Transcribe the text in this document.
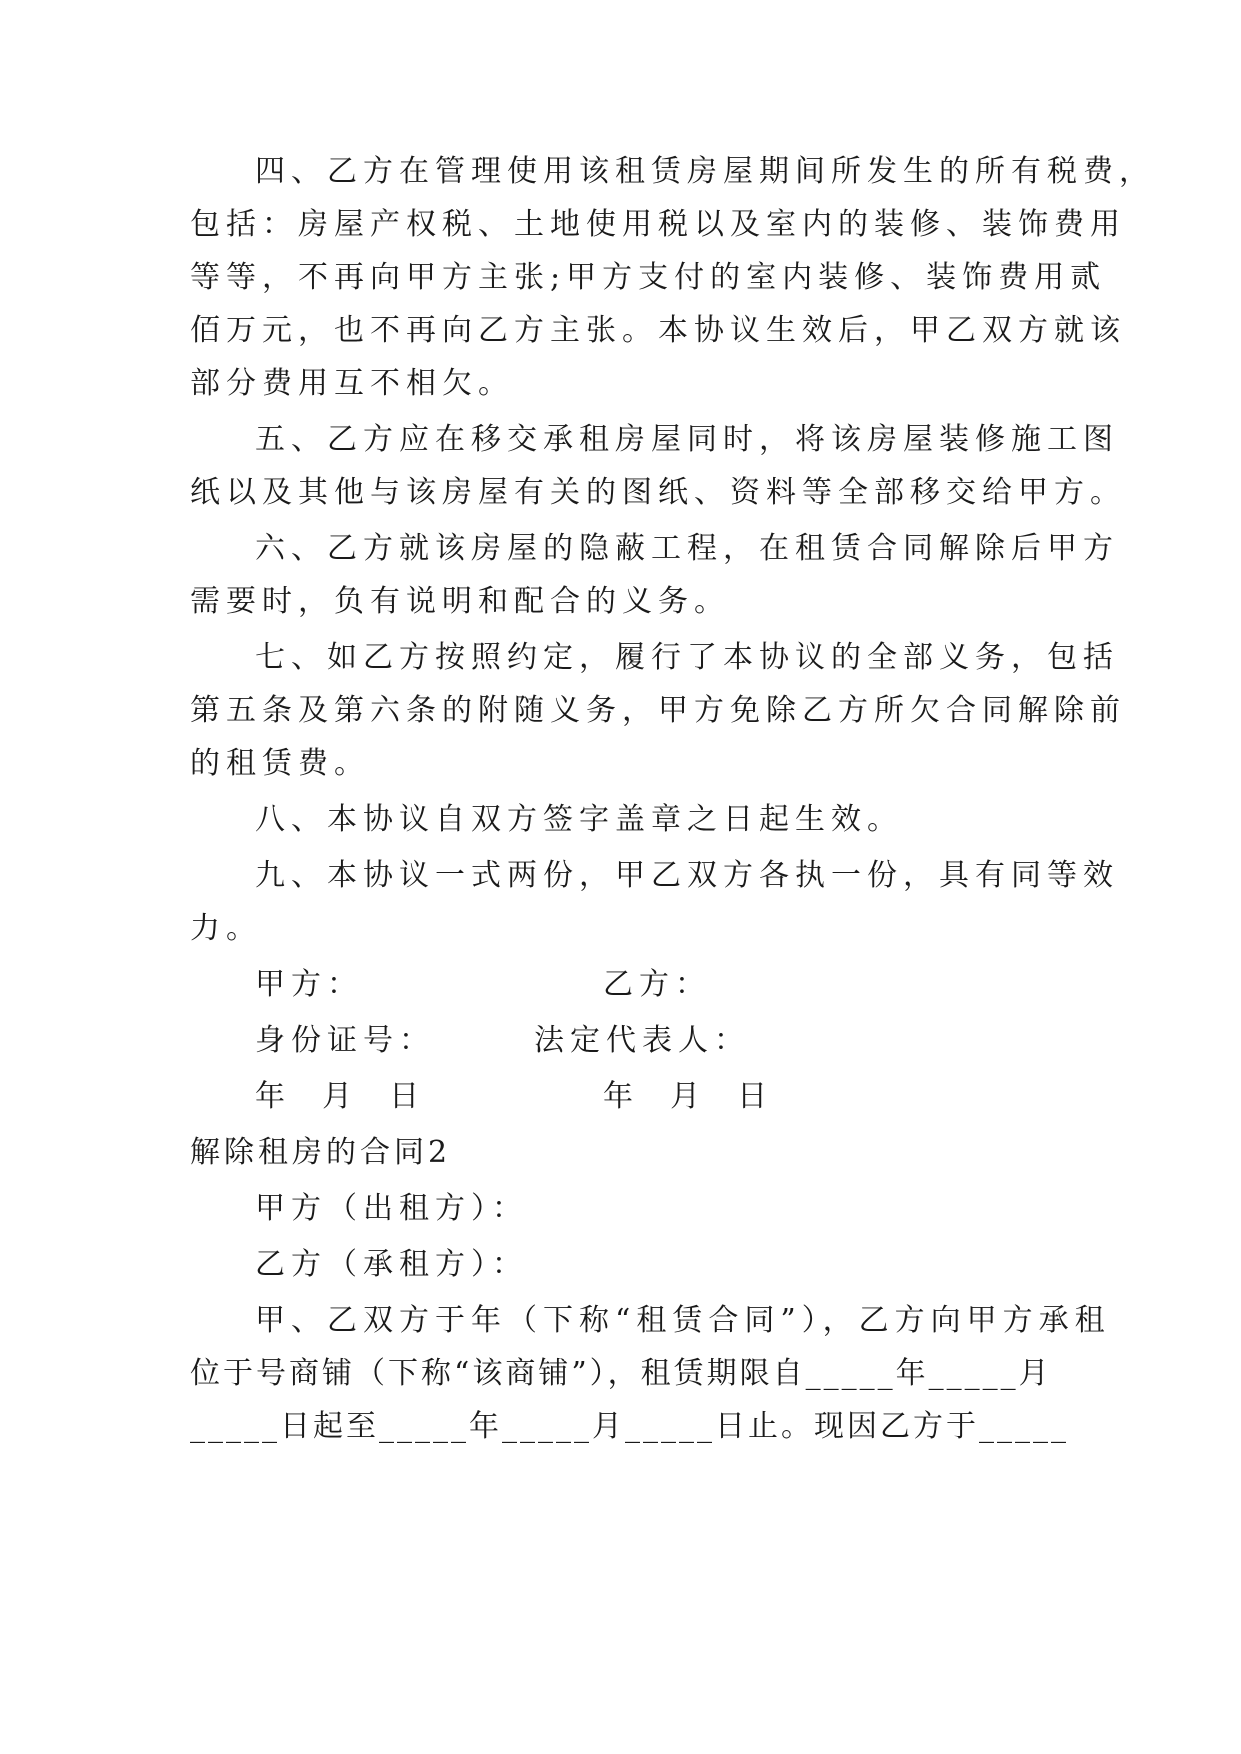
四、乙方在管理使用该租赁房屋期间所发生的所有税费，
包括：房屋产权税、土地使用税以及室内的装修、装饰费用
等等，不再向甲方主张;甲方支付的室内装修、装饰费用贰
佰万元，也不再向乙方主张。本协议生效后，甲乙双方就该
部分费用互不相欠。
五、乙方应在移交承租房屋同时，将该房屋装修施工图
纸以及其他与该房屋有关的图纸、资料等全部移交给甲方。
六、乙方就该房屋的隐蔽工程，在租赁合同解除后甲方
需要时，负有说明和配合的义务。
七、如乙方按照约定，履行了本协议的全部义务，包括
第五条及第六条的附随义务，甲方免除乙方所欠合同解除前
的租赁费。
八、本协议自双方签字盖章之日起生效。
九、本协议一式两份，甲乙双方各执一份，具有同等效
力。
甲方：	乙方：
身份证号：	法定代表人：
年  月  日	年  月  日
解除租房的合同2
甲方（出租方）：
乙方（承租方）：
甲、乙双方于年（下称“租赁合同”），乙方向甲方承租
位于号商铺（下称“该商铺”），租赁期限自_____年_____月
_____日起至_____年_____月_____日止。现因乙方于_____
